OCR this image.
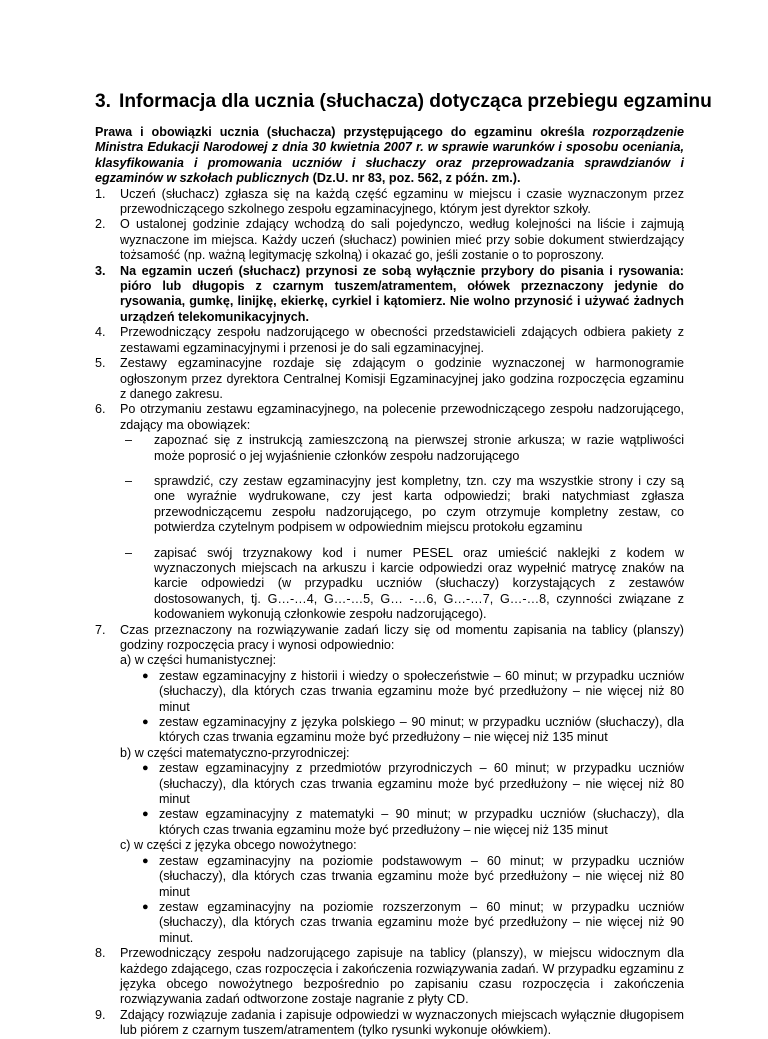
3. Informacja dla ucznia (słuchacza) dotycząca przebiegu egzaminu

Prawa i obowiązki ucznia (słuchacza) przystępującego do egzaminu określa rozporządzenie Ministra Edukacji Narodowej z dnia 30 kwietnia 2007 r. w sprawie warunków i sposobu oceniania, klasyfikowania i promowania uczniów i słuchaczy oraz przeprowadzania sprawdzianów i egzaminów w szkołach publicznych (Dz.U. nr 83, poz. 562, z późn. zm.).

1.	Uczeń (słuchacz) zgłasza się na każdą część egzaminu w miejscu i czasie wyznaczonym przez przewodniczącego szkolnego zespołu egzaminacyjnego, którym jest dyrektor szkoły.
2.	O ustalonej godzinie zdający wchodzą do sali pojedynczo, według kolejności na liście i zajmują wyznaczone im miejsca. Każdy uczeń (słuchacz) powinien mieć przy sobie dokument stwierdzający tożsamość (np. ważną legitymację szkolną) i okazać go, jeśli zostanie o to poproszony.
3.	Na egzamin uczeń (słuchacz) przynosi ze sobą wyłącznie przybory do pisania i rysowania: pióro lub długopis z czarnym tuszem/atramentem, ołówek przeznaczony jedynie do rysowania, gumkę, linijkę, ekierkę, cyrkiel i kątomierz. Nie wolno przynosić i używać żadnych urządzeń telekomunikacyjnych.
4.	Przewodniczący zespołu nadzorującego w obecności przedstawicieli zdających odbiera pakiety z zestawami egzaminacyjnymi i przenosi je do sali egzaminacyjnej.
5.	Zestawy egzaminacyjne rozdaje się zdającym o godzinie wyznaczonej w harmonogramie ogłoszonym przez dyrektora Centralnej Komisji Egzaminacyjnej jako godzina rozpoczęcia egzaminu z danego zakresu.
6.	Po otrzymaniu zestawu egzaminacyjnego, na polecenie przewodniczącego zespołu nadzorującego, zdający ma obowiązek:
– zapoznać się z instrukcją zamieszczoną na pierwszej stronie arkusza; w razie wątpliwości może poprosić o jej wyjaśnienie członków zespołu nadzorującego
– sprawdzić, czy zestaw egzaminacyjny jest kompletny, tzn. czy ma wszystkie strony i czy są one wyraźnie wydrukowane, czy jest karta odpowiedzi; braki natychmiast zgłasza przewodniczącemu zespołu nadzorującego, po czym otrzymuje kompletny zestaw, co potwierdza czytelnym podpisem w odpowiednim miejscu protokołu egzaminu
– zapisać swój trzyznakowy kod i numer PESEL oraz umieścić naklejki z kodem w wyznaczonych miejscach na arkuszu i karcie odpowiedzi oraz wypełnić matrycę znaków na karcie odpowiedzi (w przypadku uczniów (słuchaczy) korzystających z zestawów dostosowanych, tj. G…-…4, G…-…5, G… -…6, G…-…7, G…-…8, czynności związane z kodowaniem wykonują członkowie zespołu nadzorującego).
7.	Czas przeznaczony na rozwiązywanie zadań liczy się od momentu zapisania na tablicy (planszy) godziny rozpoczęcia pracy i wynosi odpowiednio:
a) w części humanistycznej:
● zestaw egzaminacyjny z historii i wiedzy o społeczeństwie – 60 minut; w przypadku uczniów (słuchaczy), dla których czas trwania egzaminu może być przedłużony – nie więcej niż 80 minut
● zestaw egzaminacyjny z języka polskiego – 90 minut; w przypadku uczniów (słuchaczy), dla których czas trwania egzaminu może być przedłużony – nie więcej niż 135 minut
b) w części matematyczno-przyrodniczej:
● zestaw egzaminacyjny z przedmiotów przyrodniczych – 60 minut; w przypadku uczniów (słuchaczy), dla których czas trwania egzaminu może być przedłużony – nie więcej niż 80 minut
● zestaw egzaminacyjny z matematyki – 90 minut; w przypadku uczniów (słuchaczy), dla których czas trwania egzaminu może być przedłużony – nie więcej niż 135 minut
c) w części z języka obcego nowożytnego:
● zestaw egzaminacyjny na poziomie podstawowym – 60 minut; w przypadku uczniów (słuchaczy), dla których czas trwania egzaminu może być przedłużony – nie więcej niż 80 minut
● zestaw egzaminacyjny na poziomie rozszerzonym – 60 minut; w przypadku uczniów (słuchaczy), dla których czas trwania egzaminu może być przedłużony – nie więcej niż 90 minut.
8.	Przewodniczący zespołu nadzorującego zapisuje na tablicy (planszy), w miejscu widocznym dla każdego zdającego, czas rozpoczęcia i zakończenia rozwiązywania zadań. W przypadku egzaminu z języka obcego nowożytnego bezpośrednio po zapisaniu czasu rozpoczęcia i zakończenia rozwiązywania zadań odtworzone zostaje nagranie z płyty CD.
9.	Zdający rozwiązuje zadania i zapisuje odpowiedzi w wyznaczonych miejscach wyłącznie długopisem lub piórem z czarnym tuszem/atramentem (tylko rysunki wykonuje ołówkiem).
